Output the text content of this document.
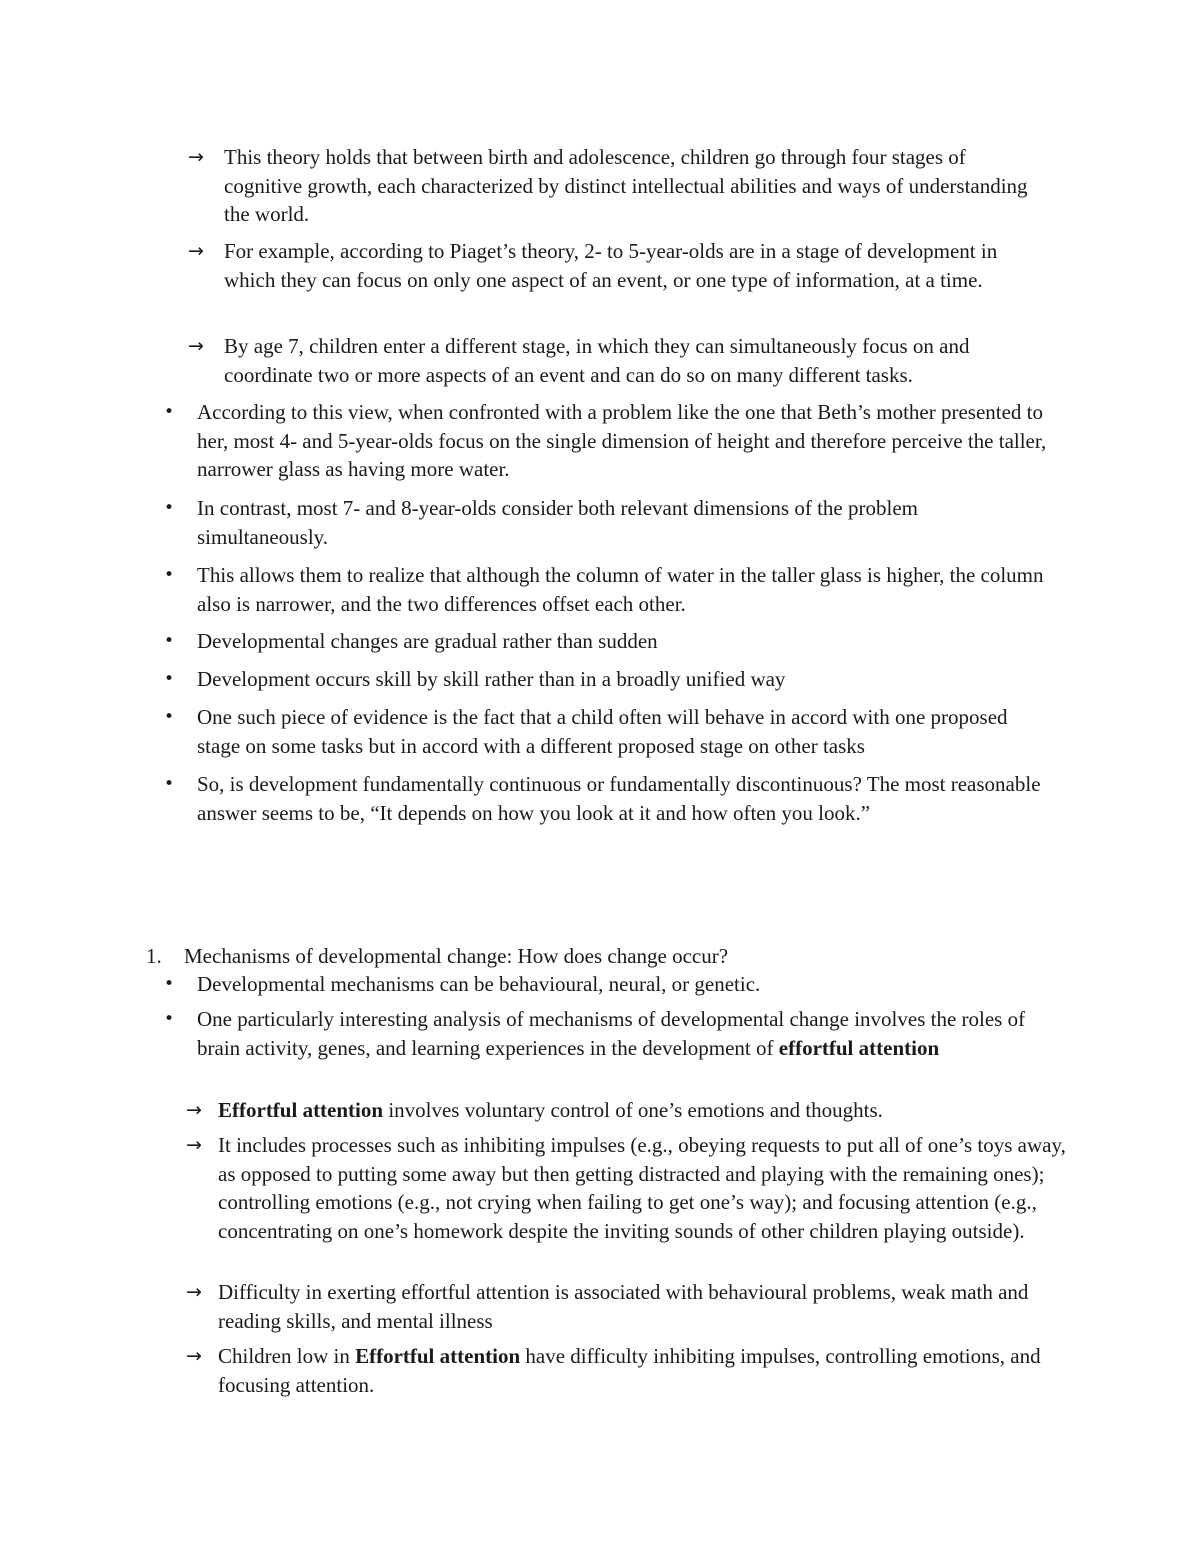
→ This theory holds that between birth and adolescence, children go through four stages of cognitive growth, each characterized by distinct intellectual abilities and ways of understanding the world.

→ For example, according to Piaget’s theory, 2- to 5-year-olds are in a stage of development in which they can focus on only one aspect of an event, or one type of information, at a time.

→ By age 7, children enter a different stage, in which they can simultaneously focus on and coordinate two or more aspects of an event and can do so on many different tasks.

• According to this view, when confronted with a problem like the one that Beth’s mother presented to her, most 4- and 5-year-olds focus on the single dimension of height and therefore perceive the taller, narrower glass as having more water.

• In contrast, most 7- and 8-year-olds consider both relevant dimensions of the problem simultaneously.

• This allows them to realize that although the column of water in the taller glass is higher, the column also is narrower, and the two differences offset each other.

• Developmental changes are gradual rather than sudden

• Development occurs skill by skill rather than in a broadly unified way

• One such piece of evidence is the fact that a child often will behave in accord with one proposed stage on some tasks but in accord with a different proposed stage on other tasks

• So, is development fundamentally continuous or fundamentally discontinuous? The most reasonable answer seems to be, “It depends on how you look at it and how often you look.”

1. Mechanisms of developmental change: How does change occur?

• Developmental mechanisms can be behavioural, neural, or genetic.

• One particularly interesting analysis of mechanisms of developmental change involves the roles of brain activity, genes, and learning experiences in the development of effortful attention

→ Effortful attention involves voluntary control of one’s emotions and thoughts.

→ It includes processes such as inhibiting impulses (e.g., obeying requests to put all of one’s toys away, as opposed to putting some away but then getting distracted and playing with the remaining ones); controlling emotions (e.g., not crying when failing to get one’s way); and focusing attention (e.g., concentrating on one’s homework despite the inviting sounds of other children playing outside).

→ Difficulty in exerting effortful attention is associated with behavioural problems, weak math and reading skills, and mental illness

→ Children low in Effortful attention have difficulty inhibiting impulses, controlling emotions, and focusing attention.
